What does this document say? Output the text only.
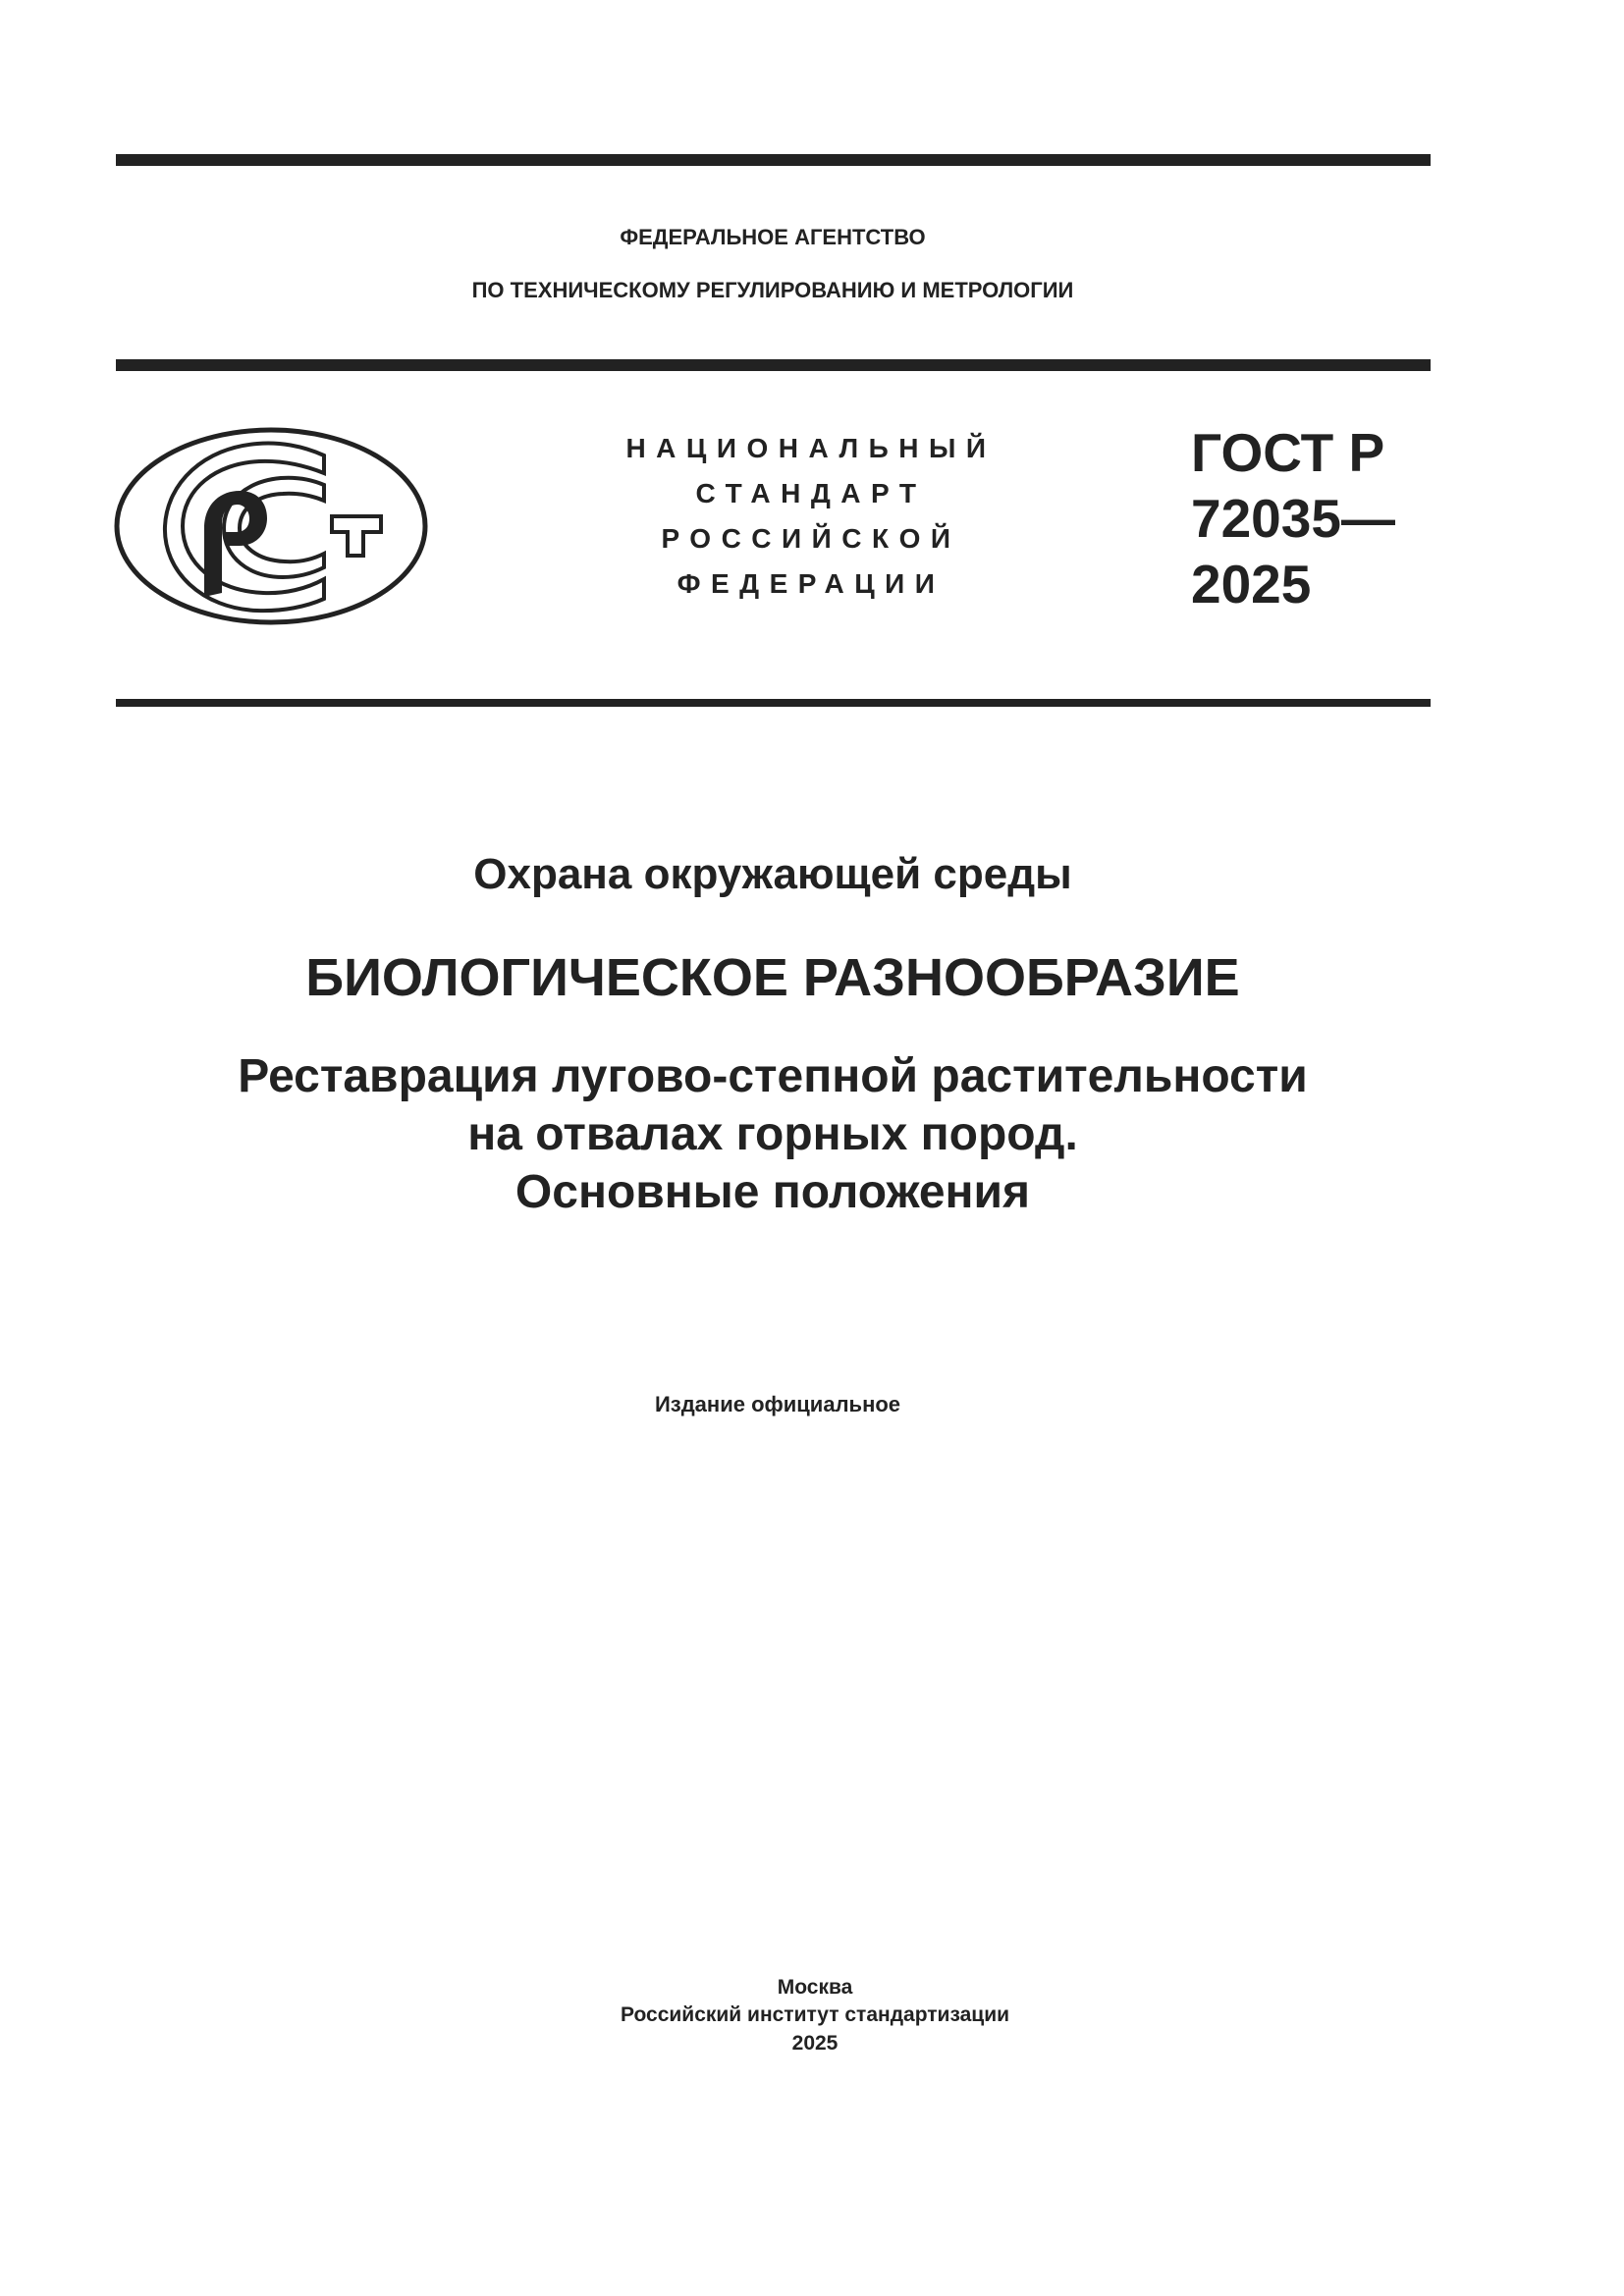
ФЕДЕРАЛЬНОЕ АГЕНТСТВО
ПО ТЕХНИЧЕСКОМУ РЕГУЛИРОВАНИЮ И МЕТРОЛОГИИ
НАЦИОНАЛЬНЫЙ
СТАНДАРТ
РОССИЙСКОЙ
ФЕДЕРАЦИИ
ГОСТ Р
72035—
2025
Охрана окружающей среды
БИОЛОГИЧЕСКОЕ РАЗНООБРАЗИЕ
Реставрация лугово-степной растительности
на отвалах горных пород.
Основные положения
Издание официальное
Москва
Российский институт стандартизации
2025
